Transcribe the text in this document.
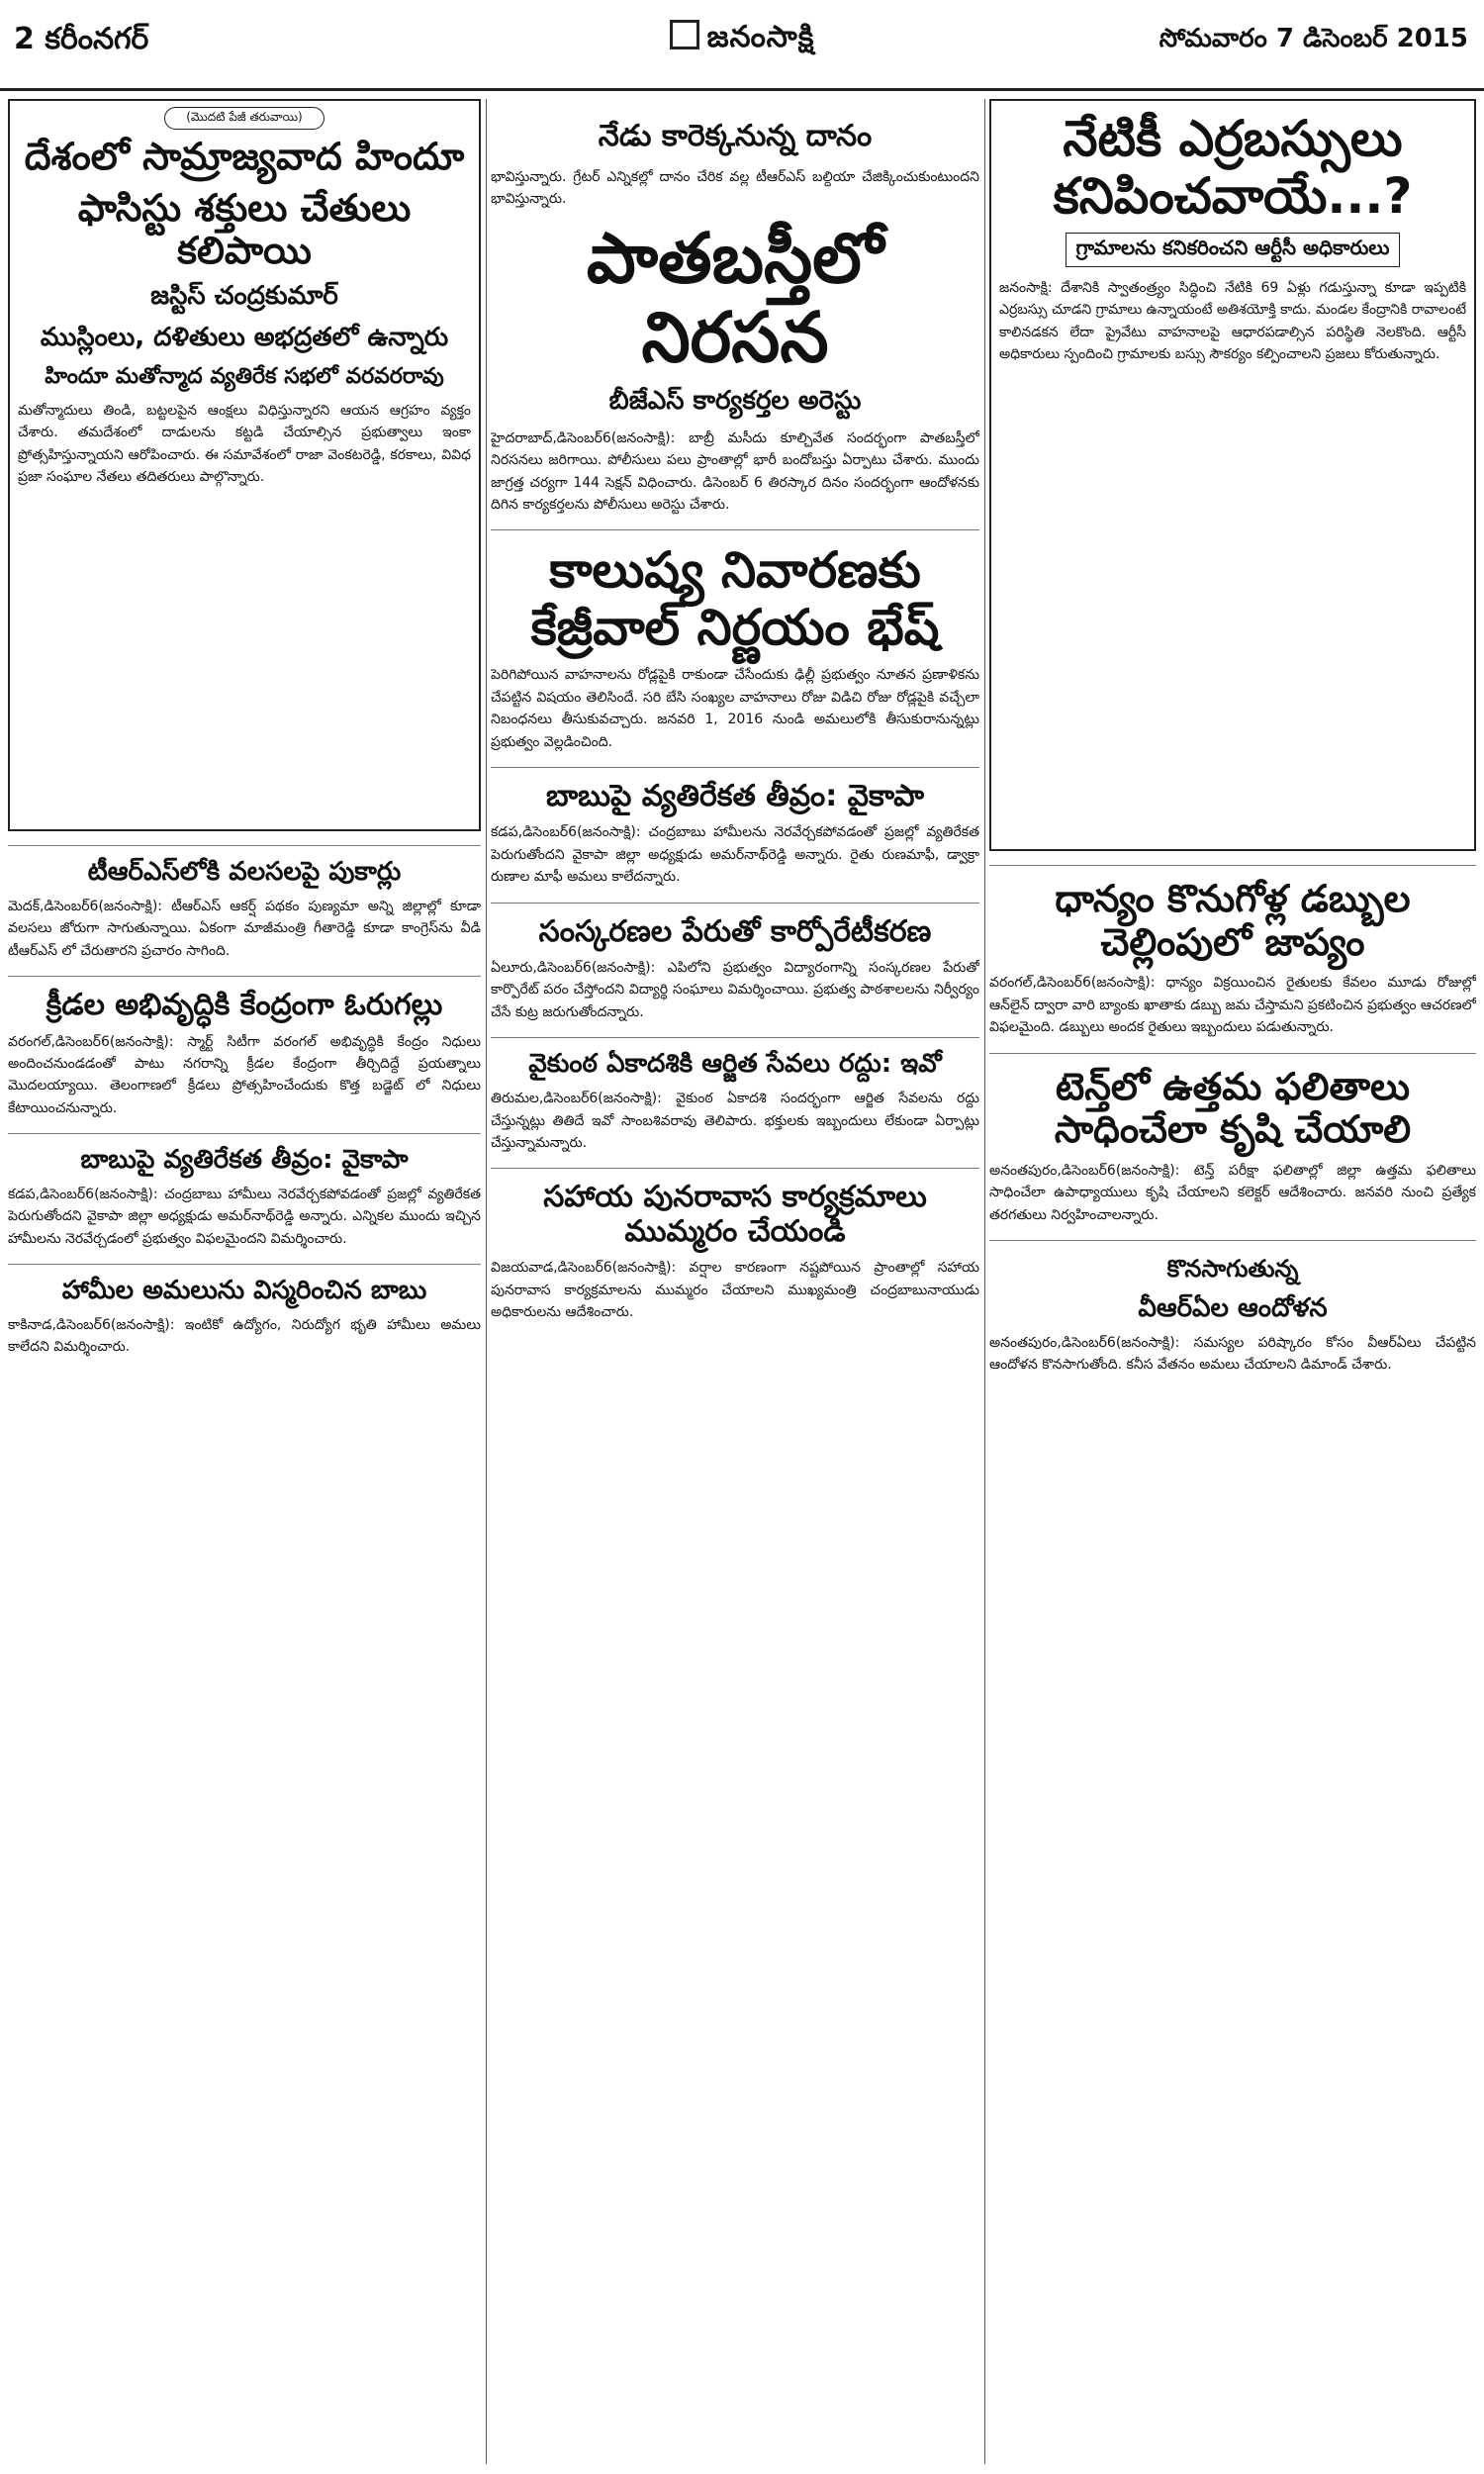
2 కరీంనగర్	జనంసాక్షి	సోమవారం 7 డిసెంబర్ 2015
(మొదటి పేజీ తరువాయి)
దేశంలో సామ్రాజ్యవాద హిందూ
ఫాసిస్టు శక్తులు చేతులు కలిపాయి
జస్టిస్ చంద్రకుమార్
ముస్లింలు, దళితులు అభద్రతలో ఉన్నారు
హిందూ మతోన్మాద వ్యతిరేక సభలో వరవరరావు

మతోన్మాదులు తిండి, బట్టలపైన ఆంక్షలు విధిస్తున్నారని ఆయన ఆగ్రహం వ్యక్తం చేశారు. తమదేశంలో దాడులను కట్టడి చేయాల్సిన ప్రభుత్వాలు ఇంకా ప్రోత్సహిస్తున్నాయని ఆరోపించారు. ఈ సమావేశంలో రాజా వెంకటరెడ్డి, కరకాలు, వివిధ ప్రజా సంఘాల నేతలు తదితరులు పాల్గొన్నారు.

టీఆర్‌ఎస్‌లోకి వలసలపై పుకార్లు

మెదక్,డిసెంబర్6(జనంసాక్షి): టీఆర్‌ఎస్ ఆకర్ష్ పథకం పుణ్యమా అన్ని జిల్లాల్లో కూడా వలసలు జోరుగా సాగుతున్నాయి. ఏకంగా మాజీమంత్రి గీతారెడ్డి కూడా కాంగ్రెస్‌ను వీడి టీఆర్‌ఎస్ లో చేరుతారని ప్రచారం సాగింది.

క్రీడల అభివృద్ధికి కేంద్రంగా ఓరుగల్లు

వరంగల్,డిసెంబర్6(జనంసాక్షి): స్మార్ట్ సిటీగా వరంగల్ అభివృద్ధికి కేంద్రం నిధులు అందించనుండడంతో పాటు నగరాన్ని క్రీడల కేంద్రంగా తీర్చిదిద్దే ప్రయత్నాలు మొదలయ్యాయి. తెలంగాణలో క్రీడలు ప్రోత్సహించేందుకు కొత్త బడ్జెట్ లో నిధులు కేటాయించనున్నారు.

బాబుపై వ్యతిరేకత తీవ్రం: వైకాపా

కడప,డిసెంబర్6(జనంసాక్షి): చంద్రబాబు హామీలు నెరవేర్చకపోవడంతో ప్రజల్లో వ్యతిరేకత పెరుగుతోందని వైకాపా జిల్లా అధ్యక్షుడు అమర్‌నాథ్‌రెడ్డి అన్నారు. ఎన్నికల ముందు ఇచ్చిన హామీలను నెరవేర్చడంలో ప్రభుత్వం విఫలమైందని విమర్శించారు.

హామీల అమలును విస్మరించిన బాబు

కాకినాడ,డిసెంబర్6(జనంసాక్షి): ఇంటికో ఉద్యోగం, నిరుద్యోగ భృతి హామీలు అమలు కాలేదని విమర్శించారు.

నేడు కారెక్కనున్న దానం

భావిస్తున్నారు. గ్రేటర్ ఎన్నికల్లో దానం చేరిక వల్ల టీఆర్‌ఎస్ బల్దియా చేజిక్కించుకుంటుందని భావిస్తున్నారు.

పాతబస్తీలో నిరసన
బీజేఎస్ కార్యకర్తల అరెస్టు

హైదరాబాద్,డిసెంబర్6(జనంసాక్షి): బాబ్రీ మసీదు కూల్చివేత సందర్భంగా పాతబస్తీలో నిరసనలు జరిగాయి. పోలీసులు పలు ప్రాంతాల్లో భారీ బందోబస్తు ఏర్పాటు చేశారు. ముందు జాగ్రత్త చర్యగా 144 సెక్షన్ విధించారు. డిసెంబర్ 6 తిరస్కార దినం సందర్భంగా ఆందోళనకు దిగిన కార్యకర్తలను పోలీసులు అరెస్టు చేశారు.

కాలుష్య నివారణకు కేజ్రీవాల్ నిర్ణయం భేష్

పెరిగిపోయిన వాహనాలను రోడ్లపైకి రాకుండా చేసేందుకు ఢిల్లీ ప్రభుత్వం నూతన ప్రణాళికను చేపట్టిన విషయం తెలిసిందే. సరి బేసి సంఖ్యల వాహనాలు రోజు విడిచి రోజు రోడ్లపైకి వచ్చేలా నిబంధనలు తీసుకువచ్చారు. జనవరి 1, 2016 నుండి అమలులోకి తీసుకురానున్నట్లు ప్రభుత్వం వెల్లడించింది.

బాబుపై వ్యతిరేకత తీవ్రం: వైకాపా

కడప,డిసెంబర్6(జనంసాక్షి): చంద్రబాబు హామీలను నెరవేర్చకపోవడంతో ప్రజల్లో వ్యతిరేకత పెరుగుతోందని వైకాపా జిల్లా అధ్యక్షుడు అమర్‌నాథ్‌రెడ్డి అన్నారు. రైతు రుణమాఫీ, డ్వాక్రా రుణాల మాఫీ అమలు కాలేదన్నారు.

సంస్కరణల పేరుతో కార్పోరేటీకరణ

ఏలూరు,డిసెంబర్6(జనంసాక్షి): ఎపిలోని ప్రభుత్వం విద్యారంగాన్ని సంస్కరణల పేరుతో కార్పొరేట్ పరం చేస్తోందని విద్యార్థి సంఘాలు విమర్శించాయి. ప్రభుత్వ పాఠశాలలను నిర్వీర్యం చేసే కుట్ర జరుగుతోందన్నారు.

వైకుంఠ ఏకాదశికి ఆర్జిత సేవలు రద్దు: ఇవో

తిరుమల,డిసెంబర్6(జనంసాక్షి): వైకుంఠ ఏకాదశి సందర్భంగా ఆర్జిత సేవలను రద్దు చేస్తున్నట్లు తితిదే ఇవో సాంబశివరావు తెలిపారు. భక్తులకు ఇబ్బందులు లేకుండా ఏర్పాట్లు చేస్తున్నామన్నారు.

సహాయ పునరావాస కార్యక్రమాలు ముమ్మరం చేయండి

విజయవాడ,డిసెంబర్6(జనంసాక్షి): వర్షాల కారణంగా నష్టపోయిన ప్రాంతాల్లో సహాయ పునరావాస కార్యక్రమాలను ముమ్మరం చేయాలని ముఖ్యమంత్రి చంద్రబాబునాయుడు అధికారులను ఆదేశించారు.

నేటికీ ఎర్రబస్సులు కనిపించవాయే...?
గ్రామాలను కనికరించని ఆర్టీసీ అధికారులు

జనంసాక్షి: దేశానికి స్వాతంత్ర్యం సిద్ధించి నేటికి 69 ఏళ్లు గడుస్తున్నా కూడా ఇప్పటికి ఎర్రబస్సు చూడని గ్రామాలు ఉన్నాయంటే అతిశయోక్తి కాదు. మండల కేంద్రానికి రావాలంటే కాలినడకన లేదా ప్రైవేటు వాహనాలపై ఆధారపడాల్సిన పరిస్థితి నెలకొంది. ఆర్టీసీ అధికారులు స్పందించి గ్రామాలకు బస్సు సౌకర్యం కల్పించాలని ప్రజలు కోరుతున్నారు.

ధాన్యం కొనుగోళ్ల డబ్బుల చెల్లింపులో జాప్యం

వరంగల్,డిసెంబర్6(జనంసాక్షి): ధాన్యం విక్రయించిన రైతులకు కేవలం మూడు రోజుల్లో ఆన్‌లైన్ ద్వారా వారి బ్యాంకు ఖాతాకు డబ్బు జమ చేస్తామని ప్రకటించిన ప్రభుత్వం ఆచరణలో విఫలమైంది. డబ్బులు అందక రైతులు ఇబ్బందులు పడుతున్నారు.

టెన్త్‌లో ఉత్తమ ఫలితాలు సాధించేలా కృషి చేయాలి

అనంతపురం,డిసెంబర్6(జనంసాక్షి): టెన్త్ పరీక్షా ఫలితాల్లో జిల్లా ఉత్తమ ఫలితాలు సాధించేలా ఉపాధ్యాయులు కృషి చేయాలని కలెక్టర్ ఆదేశించారు. జనవరి నుంచి ప్రత్యేక తరగతులు నిర్వహించాలన్నారు.

కొనసాగుతున్న
వీఆర్‌ఏల ఆందోళన

అనంతపురం,డిసెంబర్6(జనంసాక్షి): సమస్యల పరిష్కారం కోసం వీఆర్‌ఏలు చేపట్టిన ఆందోళన కొనసాగుతోంది. కనీస వేతనం అమలు చేయాలని డిమాండ్ చేశారు.
